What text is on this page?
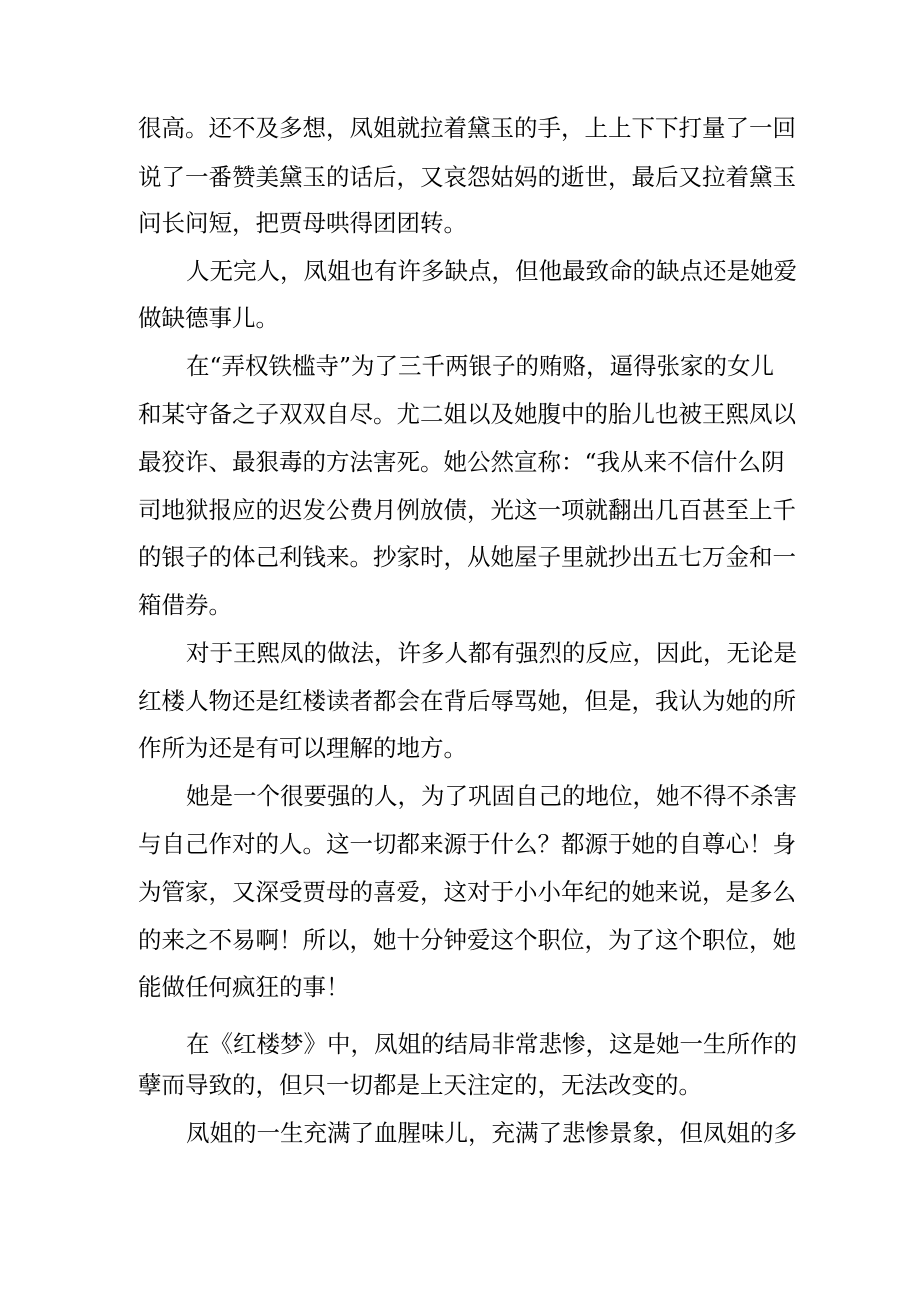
很高。还不及多想，凤姐就拉着黛玉的手，上上下下打量了一回

说了一番赞美黛玉的话后，又哀怨姑妈的逝世，最后又拉着黛玉

问长问短，把贾母哄得团团转。

人无完人，凤姐也有许多缺点，但他最致命的缺点还是她爱

做缺德事儿。

在“弄权铁槛寺”为了三千两银子的贿赂，逼得张家的女儿

和某守备之子双双自尽。尤二姐以及她腹中的胎儿也被王熙凤以

最狡诈、最狠毒的方法害死。她公然宣称：“我从来不信什么阴

司地狱报应的迟发公费月例放债，光这一项就翻出几百甚至上千

的银子的体己利钱来。抄家时，从她屋子里就抄出五七万金和一

箱借券。

对于王熙凤的做法，许多人都有强烈的反应，因此，无论是

红楼人物还是红楼读者都会在背后辱骂她，但是，我认为她的所

作所为还是有可以理解的地方。

她是一个很要强的人，为了巩固自己的地位，她不得不杀害

与自己作对的人。这一切都来源于什么？都源于她的自尊心！身

为管家，又深受贾母的喜爱，这对于小小年纪的她来说，是多么

的来之不易啊！所以，她十分钟爱这个职位，为了这个职位，她

能做任何疯狂的事！

在《红楼梦》中，凤姐的结局非常悲惨，这是她一生所作的

孽而导致的，但只一切都是上天注定的，无法改变的。

凤姐的一生充满了血腥味儿，充满了悲惨景象，但凤姐的多
